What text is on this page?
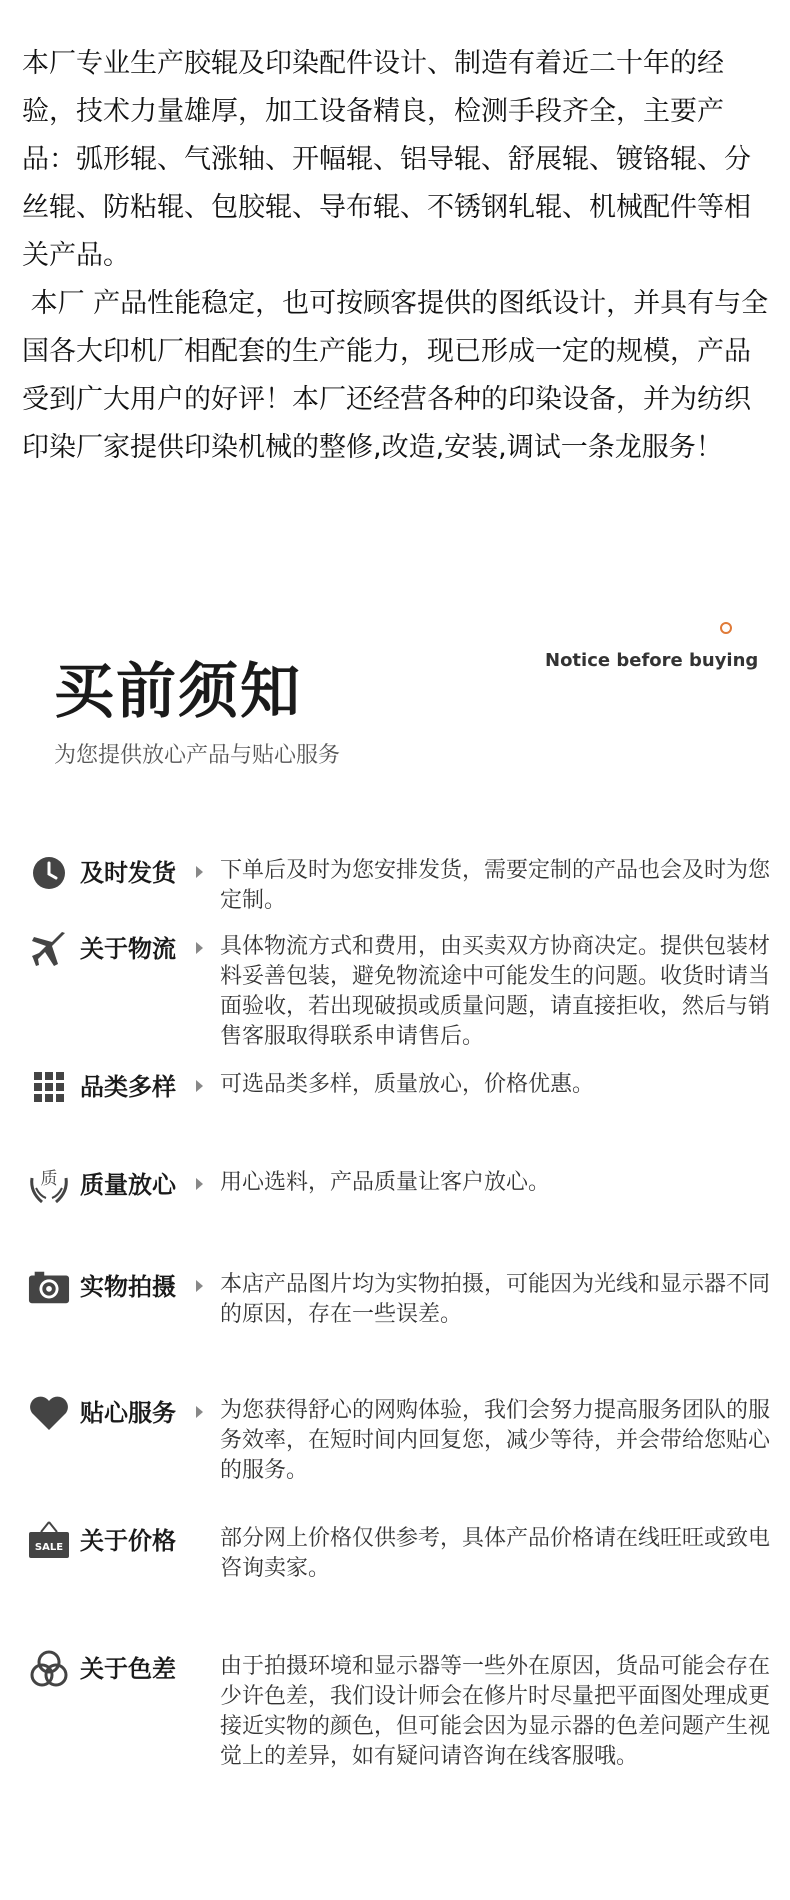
本厂专业生产胶辊及印染配件设计、制造有着近二十年的经验，技术力量雄厚，加工设备精良，检测手段齐全，主要产品：弧形辊、气涨轴、开幅辊、铝导辊、舒展辊、镀铬辊、分丝辊、防粘辊、包胶辊、导布辊、不锈钢轧辊、机械配件等相关产品。

本厂 产品性能稳定，也可按顾客提供的图纸设计，并具有与全国各大印机厂相配套的生产能力，现已形成一定的规模，产品受到广大用户的好评！本厂还经营各种的印染设备，并为纺织印染厂家提供印染机械的整修,改造,安装,调试一条龙服务！

买前须知	Notice before buying
为您提供放心产品与贴心服务
及时发货 下单后及时为您安排发货，需要定制的产品也会及时为您定制。
关于物流 具体物流方式和费用，由买卖双方协商决定。提供包装材料妥善包装，避免物流途中可能发生的问题。收货时请当面验收，若出现破损或质量问题，请直接拒收，然后与销售客服取得联系申请售后。
品类多样 可选品类多样，质量放心，价格优惠。
质 质量放心 用心选料，产品质量让客户放心。
实物拍摄 本店产品图片均为实物拍摄，可能因为光线和显示器不同的原因，存在一些误差。
贴心服务 为您获得舒心的网购体验，我们会努力提高服务团队的服务效率，在短时间内回复您，减少等待，并会带给您贴心的服务。
SALE 关于价格 部分网上价格仅供参考，具体产品价格请在线旺旺或致电咨询卖家。
关于色差 由于拍摄环境和显示器等一些外在原因，货品可能会存在少许色差，我们设计师会在修片时尽量把平面图处理成更接近实物的颜色，但可能会因为显示器的色差问题产生视觉上的差异，如有疑问请咨询在线客服哦。
